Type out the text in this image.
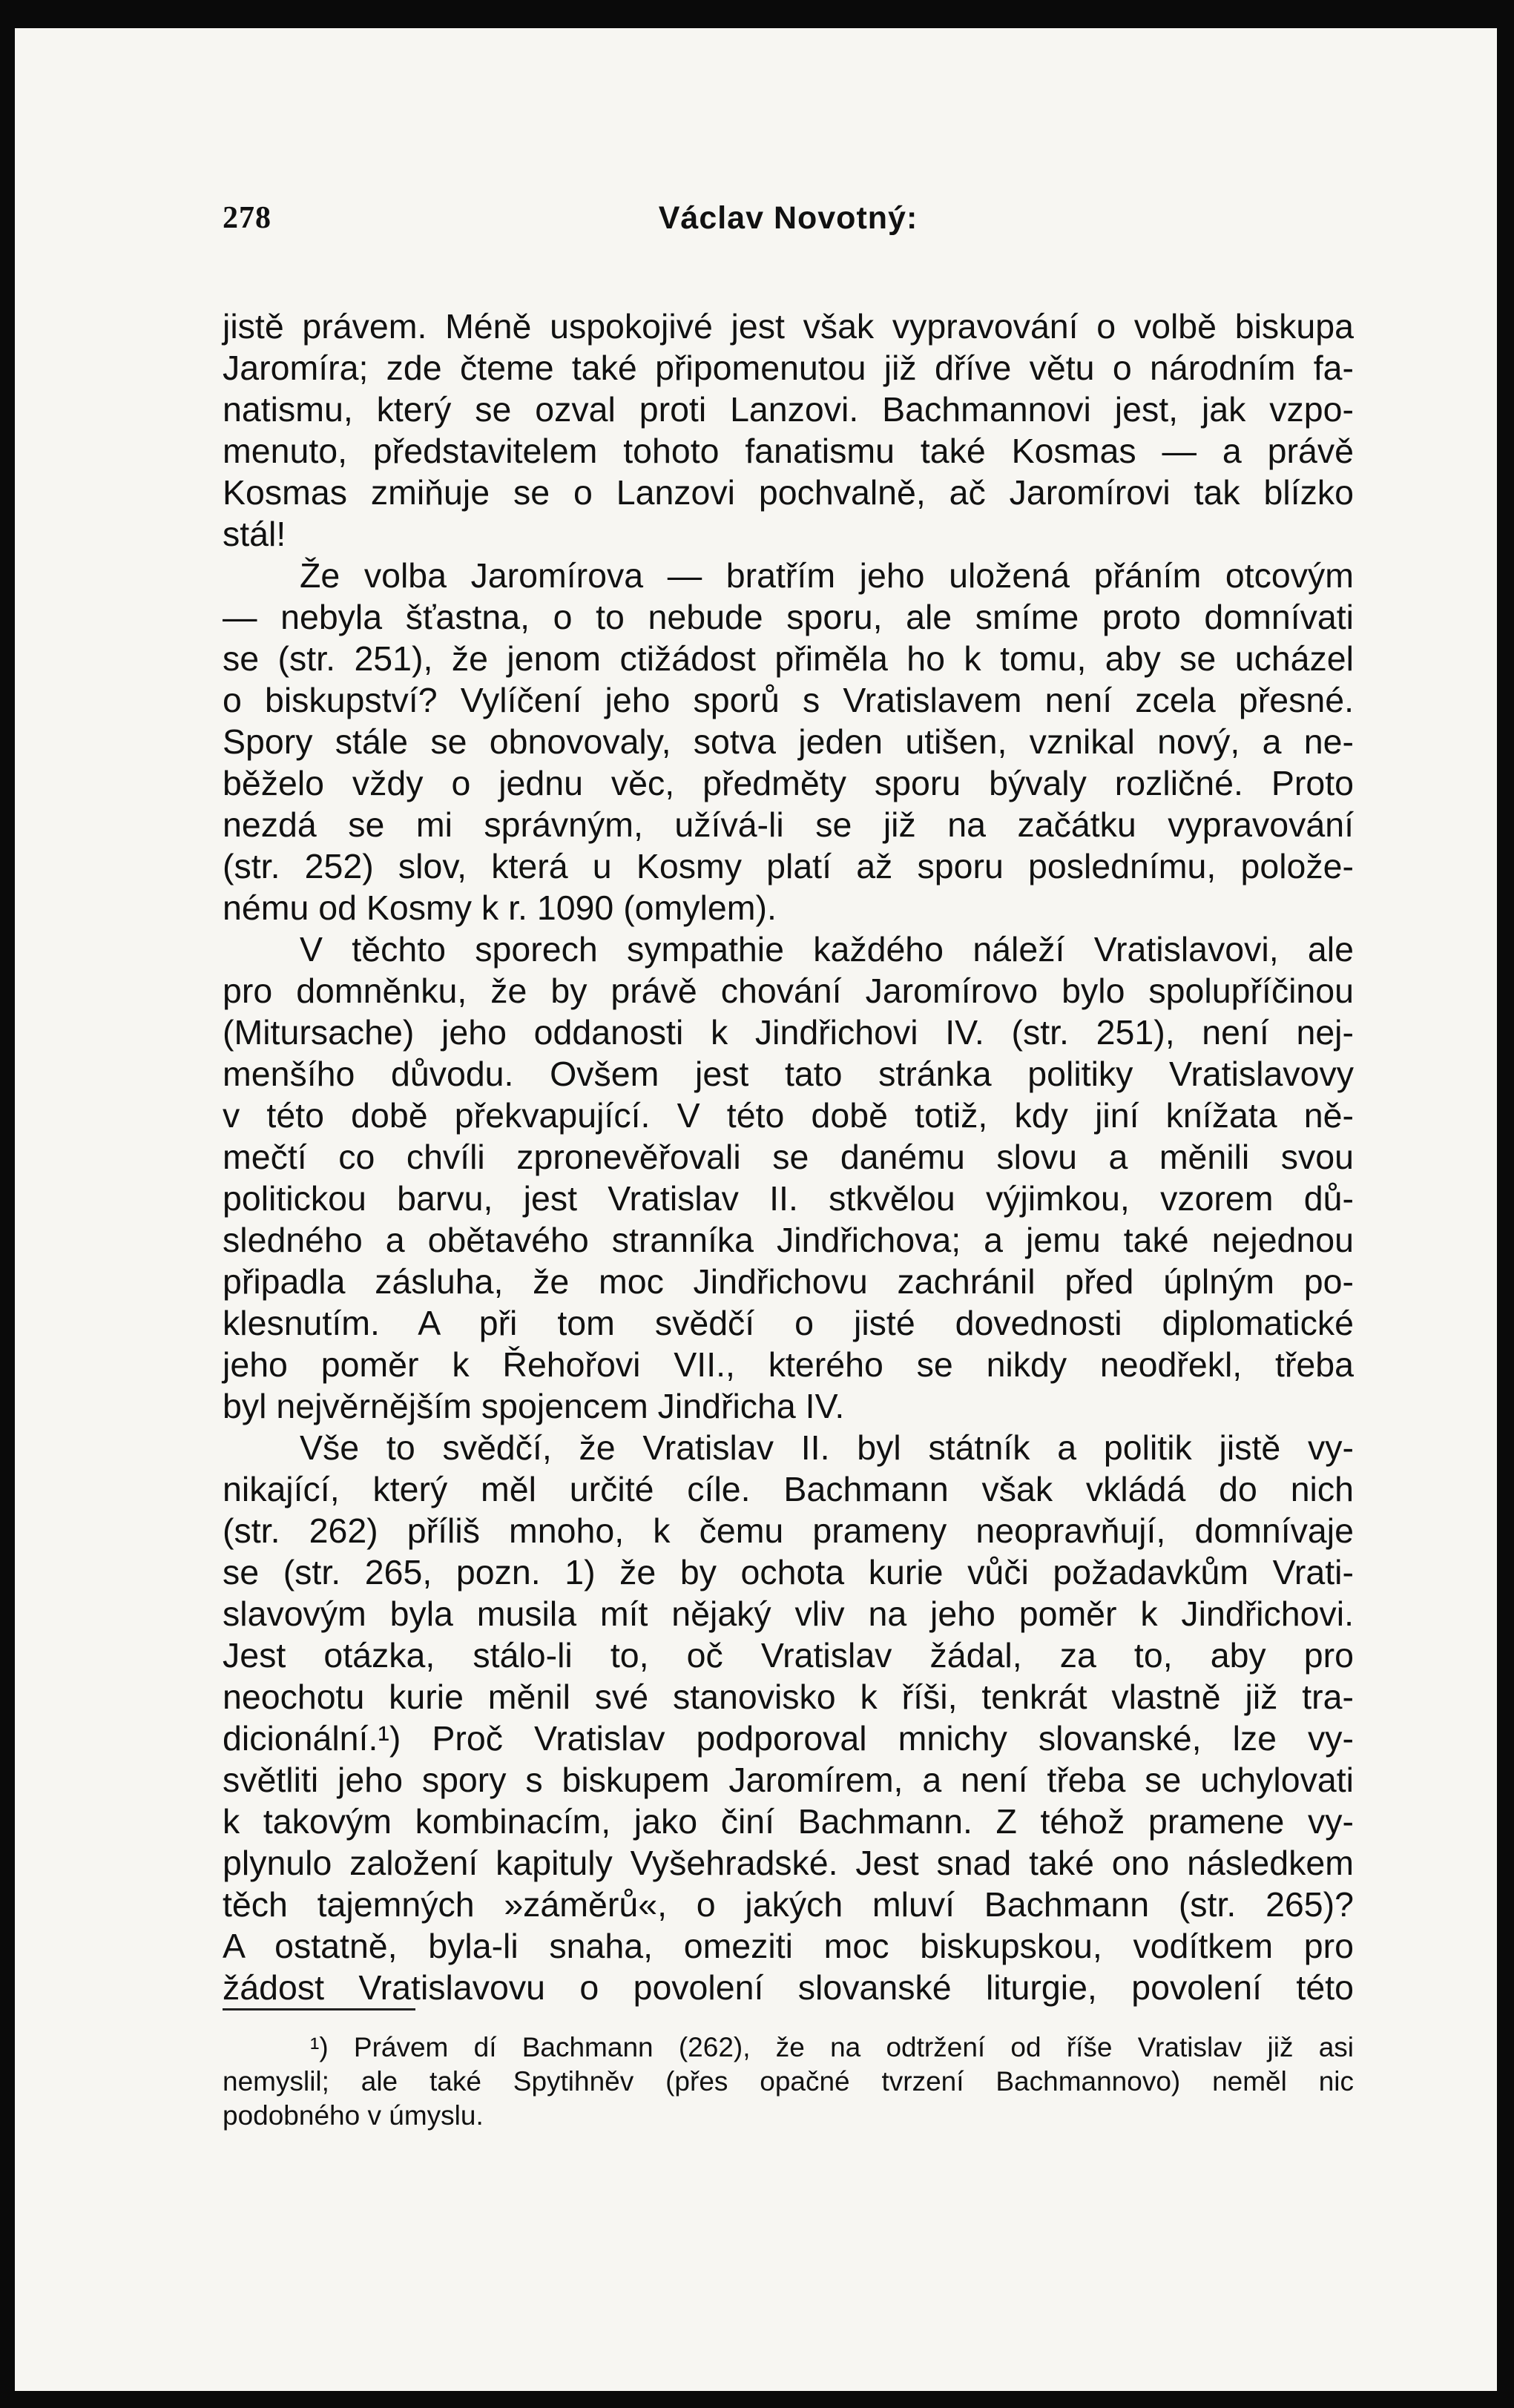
278	Václav Novotný:
jistě právem. Méně uspokojivé jest však vypravování o volbě biskupa
Jaromíra; zde čteme také připomenutou již dříve větu o národním fa-
natismu, který se ozval proti Lanzovi. Bachmannovi jest, jak vzpo-
menuto, představitelem tohoto fanatismu také Kosmas — a právě
Kosmas zmiňuje se o Lanzovi pochvalně, ač Jaromírovi tak blízko
stál!
Že volba Jaromírova — bratřím jeho uložená přáním otcovým
— nebyla šťastna, o to nebude sporu, ale smíme proto domnívati
se (str. 251), že jenom ctižádost přiměla ho k tomu, aby se ucházel
o biskupství? Vylíčení jeho sporů s Vratislavem není zcela přesné.
Spory stále se obnovovaly, sotva jeden utišen, vznikal nový, a ne-
běželo vždy o jednu věc, předměty sporu bývaly rozličné. Proto
nezdá se mi správným, užívá-li se již na začátku vypravování
(str. 252) slov, která u Kosmy platí až sporu poslednímu, polože-
nému od Kosmy k r. 1090 (omylem).
V těchto sporech sympathie každého náleží Vratislavovi, ale
pro domněnku, že by právě chování Jaromírovo bylo spolupříčinou
(Mitursache) jeho oddanosti k Jindřichovi IV. (str. 251), není nej-
menšího důvodu. Ovšem jest tato stránka politiky Vratislavovy
v této době překvapující. V této době totiž, kdy jiní knížata ně-
mečtí co chvíli zpronevěřovali se danému slovu a měnili svou
politickou barvu, jest Vratislav II. stkvělou výjimkou, vzorem dů-
sledného a obětavého stranníka Jindřichova; a jemu také nejednou
připadla zásluha, že moc Jindřichovu zachránil před úplným po-
klesnutím. A při tom svědčí o jisté dovednosti diplomatické
jeho poměr k Řehořovi VII., kterého se nikdy neodřekl, třeba
byl nejvěrnějším spojencem Jindřicha IV.
Vše to svědčí, že Vratislav II. byl státník a politik jistě vy-
nikající, který měl určité cíle. Bachmann však vkládá do nich
(str. 262) příliš mnoho, k čemu prameny neopravňují, domnívaje
se (str. 265, pozn. 1) že by ochota kurie vůči požadavkům Vrati-
slavovým byla musila mít nějaký vliv na jeho poměr k Jindřichovi.
Jest otázka, stálo-li to, oč Vratislav žádal, za to, aby pro
neochotu kurie měnil své stanovisko k říši, tenkrát vlastně již tra-
dicionální.¹) Proč Vratislav podporoval mnichy slovanské, lze vy-
světliti jeho spory s biskupem Jaromírem, a není třeba se uchylovati
k takovým kombinacím, jako činí Bachmann. Z téhož pramene vy-
plynulo založení kapituly Vyšehradské. Jest snad také ono následkem
těch tajemných »záměrů«, o jakých mluví Bachmann (str. 265)?
A ostatně, byla-li snaha, omeziti moc biskupskou, vodítkem pro
žádost Vratislavovu o povolení slovanské liturgie, povolení této
¹) Právem dí Bachmann (262), že na odtržení od říše Vratislav již asi
nemyslil; ale také Spytihněv (přes opačné tvrzení Bachmannovo) neměl nic
podobného v úmyslu.
